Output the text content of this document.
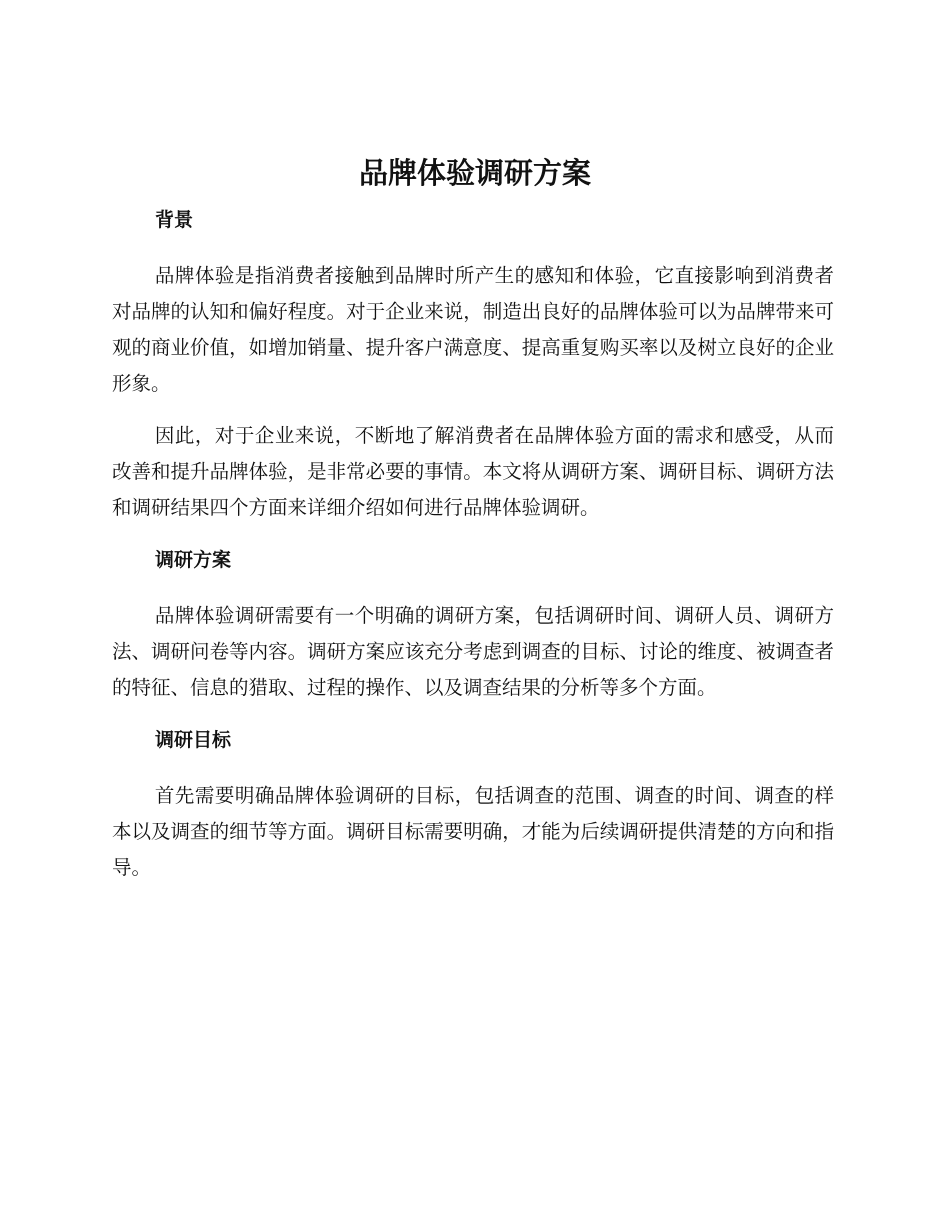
品牌体验调研方案
背景

品牌体验是指消费者接触到品牌时所产生的感知和体验，它直接影响到消费者对品牌的认知和偏好程度。对于企业来说，制造出良好的品牌体验可以为品牌带来可观的商业价值，如增加销量、提升客户满意度、提高重复购买率以及树立良好的企业形象。

因此，对于企业来说，不断地了解消费者在品牌体验方面的需求和感受，从而改善和提升品牌体验，是非常必要的事情。本文将从调研方案、调研目标、调研方法和调研结果四个方面来详细介绍如何进行品牌体验调研。

调研方案

品牌体验调研需要有一个明确的调研方案，包括调研时间、调研人员、调研方法、调研问卷等内容。调研方案应该充分考虑到调查的目标、讨论的维度、被调查者的特征、信息的猎取、过程的操作、以及调查结果的分析等多个方面。

调研目标

首先需要明确品牌体验调研的目标，包括调查的范围、调查的时间、调查的样本以及调查的细节等方面。调研目标需要明确，才能为后续调研提供清楚的方向和指导。
